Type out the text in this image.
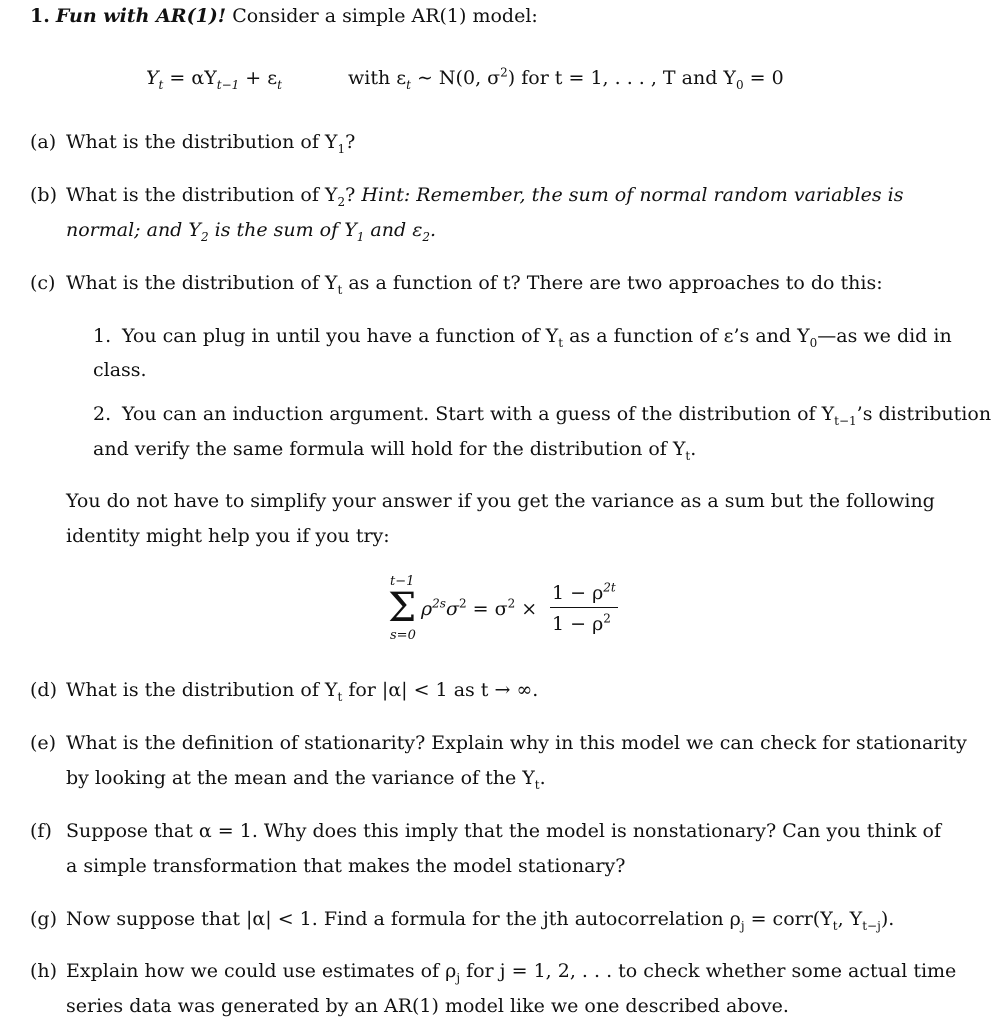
1. Fun with AR(1)! Consider a simple AR(1) model:
$Y_t = \alpha Y_{t-1} + \varepsilon_t$	with $\varepsilon_t$ ∼ N(0, $\sigma^2$) for t = 1, . . . , T and $Y_0 = 0$
(a) What is the distribution of $Y_1$?
(b) What is the distribution of $Y_2$? Hint: Remember, the sum of normal random variables is
normal; and $Y_2$ is the sum of $Y_1$ and $\varepsilon_2$.
(c) What is the distribution of $Y_t$ as a function of t? There are two approaches to do this:
1. You can plug in until you have a function of $Y_t$ as a function of ε’s and $Y_0—as$ we did in
class.
2. You can an induction argument. Start with a guess of the distribution of $Y_{t-1}’s$ distribution
and verify the same formula will hold for the distribution of $Y_t$.
You do not have to simplify your answer if you get the variance as a sum but the following
identity might help you if you try:
t−1
Σ
s=0
$\rho^{2s}\sigma^2 = \sigma^2$ ×
$1 - \rho^{2t}$
$1 - \rho^2$
(d) What is the distribution of $Y_t$ for |α| < 1 as t → ∞.
(e) What is the definition of stationarity? Explain why in this model we can check for stationarity
by looking at the mean and the variance of the $Y_t$.
(f) Suppose that α = 1. Why does this imply that the model is nonstationary? Can you think of
a simple transformation that makes the model stationary?
(g) Now suppose that |α| < 1. Find a formula for the jth autocorrelation $\rho_j$ = $corr(Y_t$, $Y_{t-j}$).
(h) Explain how we could use estimates of $\rho_j$ for j = 1, 2, . . . to check whether some actual time
series data was generated by an AR(1) model like we one described above.
